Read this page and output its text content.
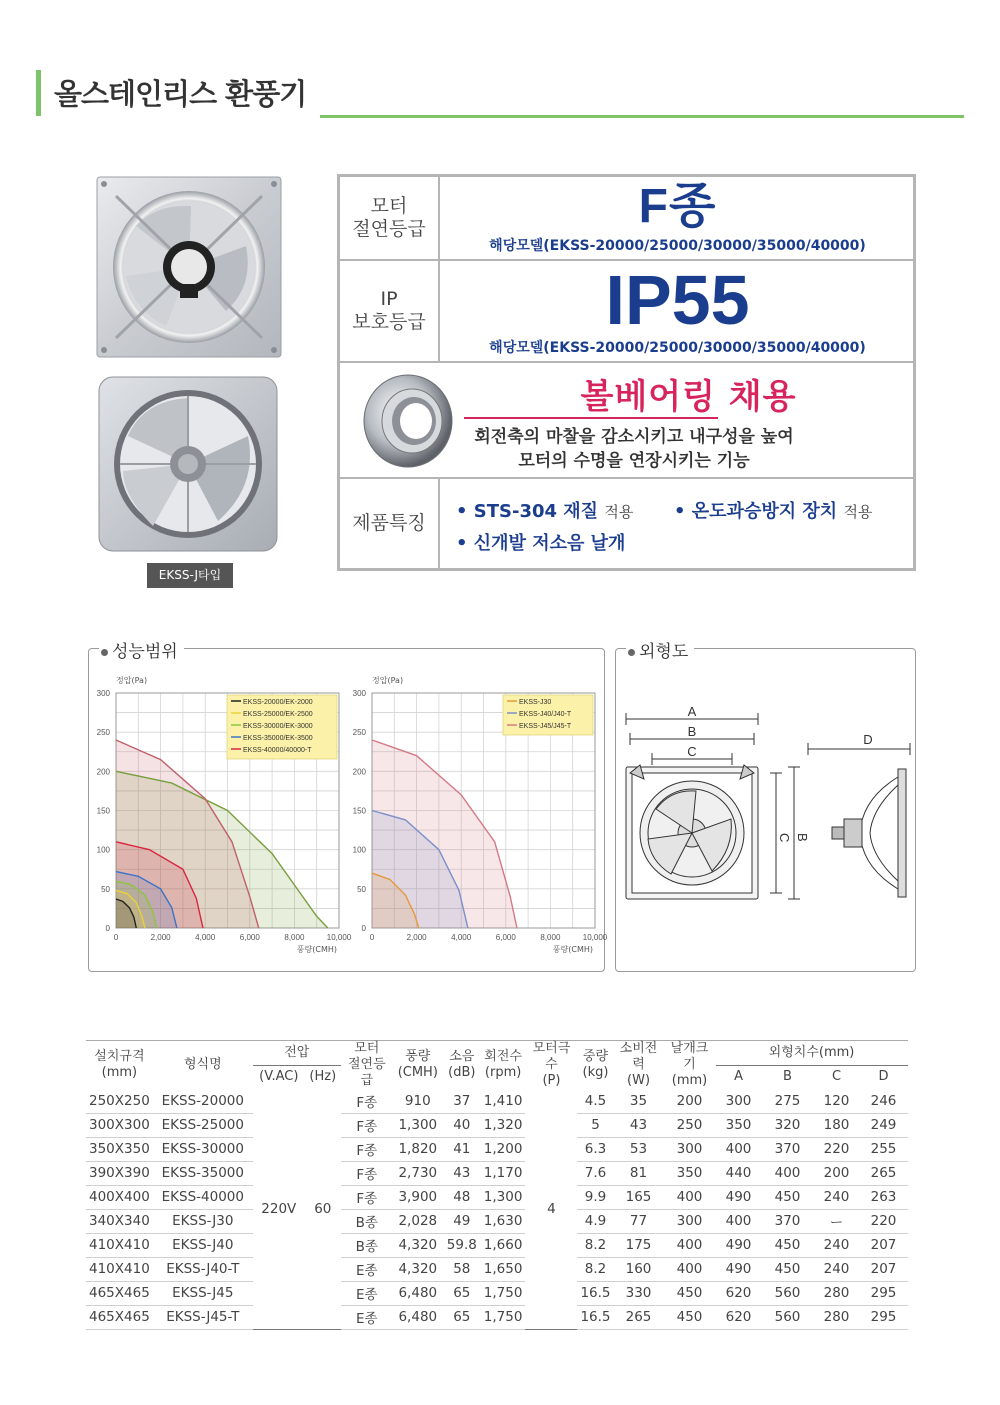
올스테인리스 환풍기
EKSS-J타입
모터
절연등급	F종
해당모델(EKSS-20000/25000/30000/35000/40000)
IP
보호등급	IP55
해당모델(EKSS-20000/25000/30000/35000/40000)
볼베어링 채용
회전축의 마찰을 감소시키고 내구성을 높여
모터의 수명을 연장시키는 기능
제품특징
• STS-304 재질 적용 • 온도과승방지 장치 적용
• 신개발 저소음 날개
성능범위
0
50
100
150
200
250
300
0	2,000	4,000	6,000	8,000	10,000
정압(Pa)
풍량(CMH)
EKSS-20000/EK-2000
EKSS-25000/EK-2500
EKSS-30000/EK-3000
EKSS-35000/EK-3500
EKSS-40000/40000-T
0
50
100
150
200
250
300
0	2,000	4,000	6,000	8,000	10,000
정압(Pa)
풍량(CMH)
EKSS-J30
EKSS-J40/J40-T
EKSS-J45/J45-T
외형도
A
B
C
C B
D
설치규격
(mm)	형식명	전압		모터
절연등급	풍량
(CMH)	소음
(dB)	회전수
(rpm)	모터극수
(P)	중량
(kg)	소비전력
(W)	날개크기
(mm)	외형치수(mm)			
		(V.AC)	(Hz)									A	B	C	D
250X250	EKSS-20000	220V	60	F종	910	37	1,410	4	4.5	35	200	300	275	120	246
300X300	EKSS-25000			F종	1,300	40	1,320		5	43	250	350	320	180	249
350X350	EKSS-30000			F종	1,820	41	1,200		6.3	53	300	400	370	220	255
390X390	EKSS-35000			F종	2,730	43	1,170		7.6	81	350	440	400	200	265
400X400	EKSS-40000			F종	3,900	48	1,300		9.9	165	400	490	450	240	263
340X340	EKSS-J30			B종	2,028	49	1,630		4.9	77	300	400	370	ー	220
410X410	EKSS-J40			B종	4,320	59.8	1,660		8.2	175	400	490	450	240	207
410X410	EKSS-J40-T			E종	4,320	58	1,650		8.2	160	400	490	450	240	207
465X465	EKSS-J45			E종	6,480	65	1,750		16.5	330	450	620	560	280	295
465X465	EKSS-J45-T			E종	6,480	65	1,750		16.5	265	450	620	560	280	295
